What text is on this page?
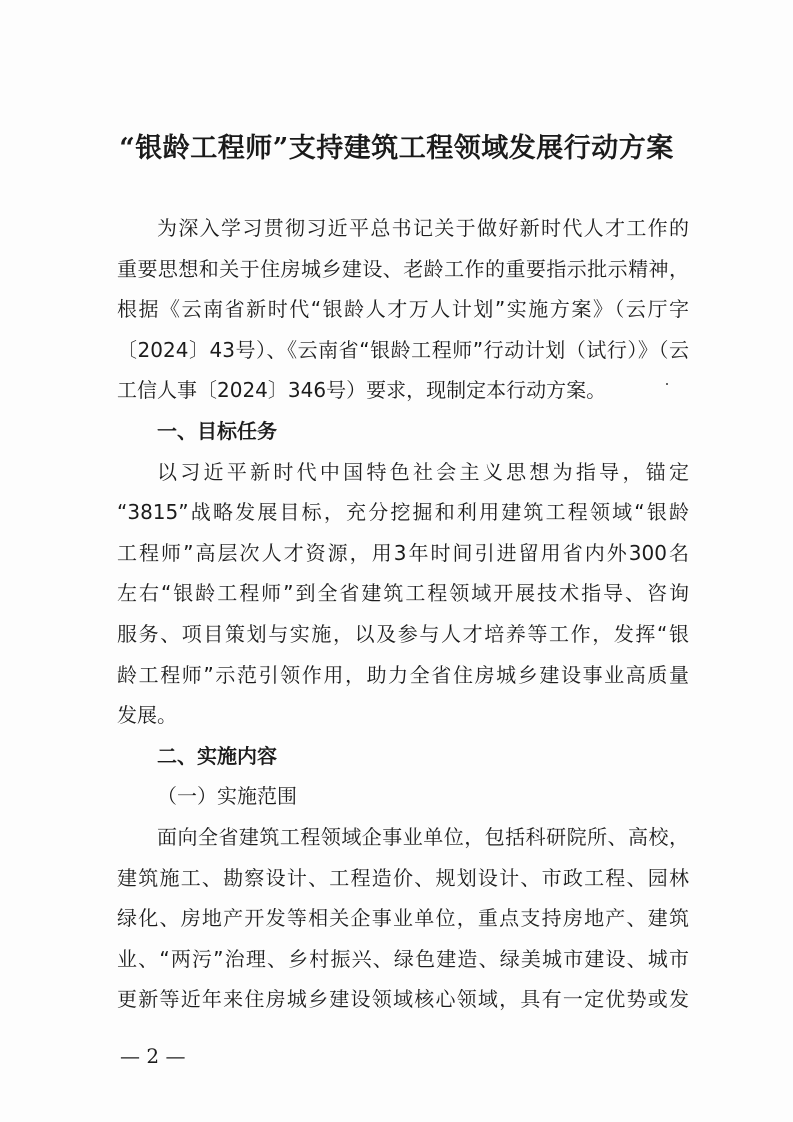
“银龄工程师”支持建筑工程领域发展行动方案
为深入学习贯彻习近平总书记关于做好新时代人才工作的
重要思想和关于住房城乡建设、老龄工作的重要指示批示精神，
根据《云南省新时代“银龄人才万人计划”实施方案》（云厅字
〔2024〕43号）、《云南省“银龄工程师”行动计划（试行）》（云
工信人事〔2024〕346号）要求，现制定本行动方案。
一、目标任务
以习近平新时代中国特色社会主义思想为指导，锚定
“3815”战略发展目标，充分挖掘和利用建筑工程领域“银龄
工程师”高层次人才资源，用3年时间引进留用省内外300名
左右“银龄工程师”到全省建筑工程领域开展技术指导、咨询
服务、项目策划与实施，以及参与人才培养等工作，发挥“银
龄工程师”示范引领作用，助力全省住房城乡建设事业高质量
发展。
二、实施内容
（一）实施范围
面向全省建筑工程领域企事业单位，包括科研院所、高校，
建筑施工、勘察设计、工程造价、规划设计、市政工程、园林
绿化、房地产开发等相关企事业单位，重点支持房地产、建筑
业、“两污”治理、乡村振兴、绿色建造、绿美城市建设、城市
更新等近年来住房城乡建设领域核心领域，具有一定优势或发
— 2 —
